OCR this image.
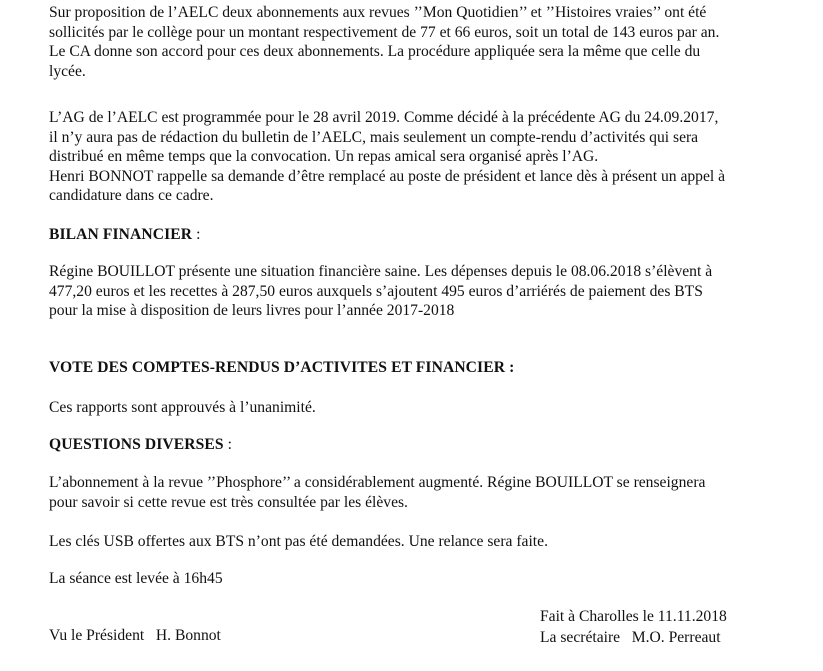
Sur proposition de l’AELC deux abonnements aux revues ’’Mon Quotidien’’ et ’’Histoires vraies’’ ont été
sollicités par le collège pour un montant respectivement de 77 et 66 euros, soit un total de 143 euros par an.
Le CA donne son accord pour ces deux abonnements. La procédure appliquée sera la même que celle du
lycée.

L’AG de l’AELC est programmée pour le 28 avril 2019. Comme décidé à la précédente AG du 24.09.2017,
il n’y aura pas de rédaction du bulletin de l’AELC, mais seulement un compte-rendu d’activités qui sera
distribué en même temps que la convocation. Un repas amical sera organisé après l’AG.
Henri BONNOT rappelle sa demande d’être remplacé au poste de président et lance dès à présent un appel à
candidature dans ce cadre.

BILAN FINANCIER :

Régine BOUILLOT présente une situation financière saine. Les dépenses depuis le 08.06.2018 s’élèvent à
477,20 euros et les recettes à 287,50 euros auxquels s’ajoutent 495 euros d’arriérés de paiement des BTS
pour la mise à disposition de leurs livres pour l’année 2017-2018

VOTE DES COMPTES-RENDUS D’ACTIVITES ET FINANCIER :

Ces rapports sont approuvés à l’unanimité.

QUESTIONS DIVERSES :

L’abonnement à la revue ’’Phosphore’’ a considérablement augmenté. Régine BOUILLOT se renseignera
pour savoir si cette revue est très consultée par les élèves.

Les clés USB offertes aux BTS n’ont pas été demandées. Une relance sera faite.

La séance est levée à 16h45

Fait à Charolles le 11.11.2018
La secrétaire   M.O. Perreaut
Vu le Président   H. Bonnot
